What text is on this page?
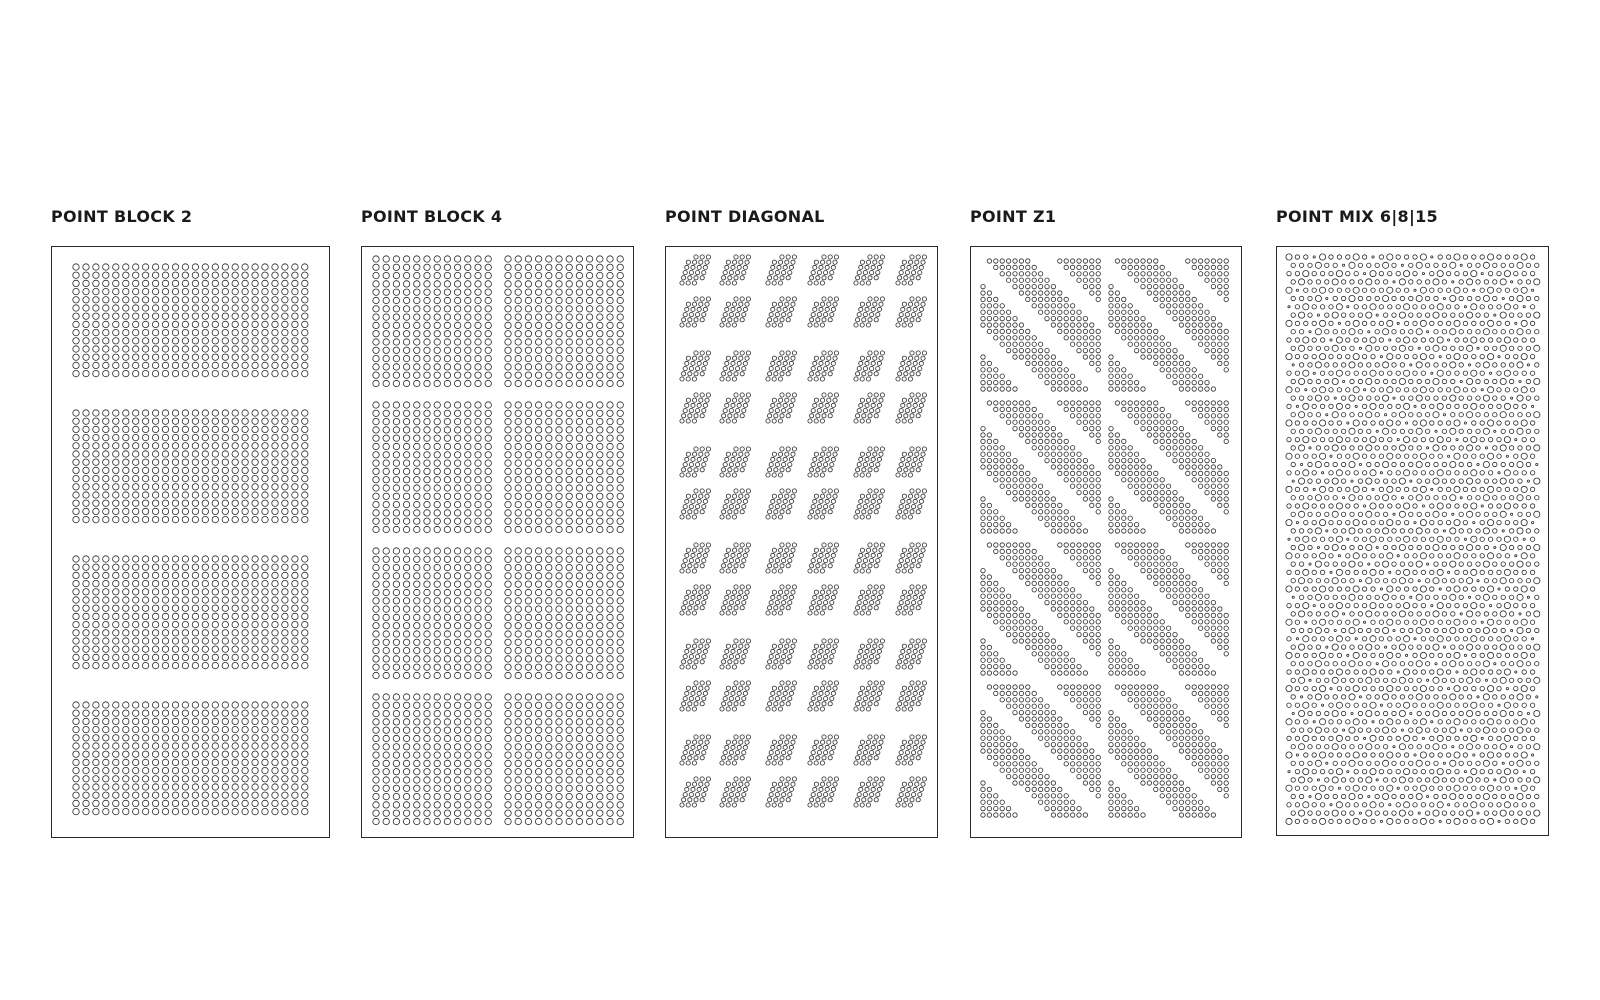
POINT BLOCK 2	POINT BLOCK 4	POINT DIAGONAL	POINT Z1	POINT MIX 6|8|15
